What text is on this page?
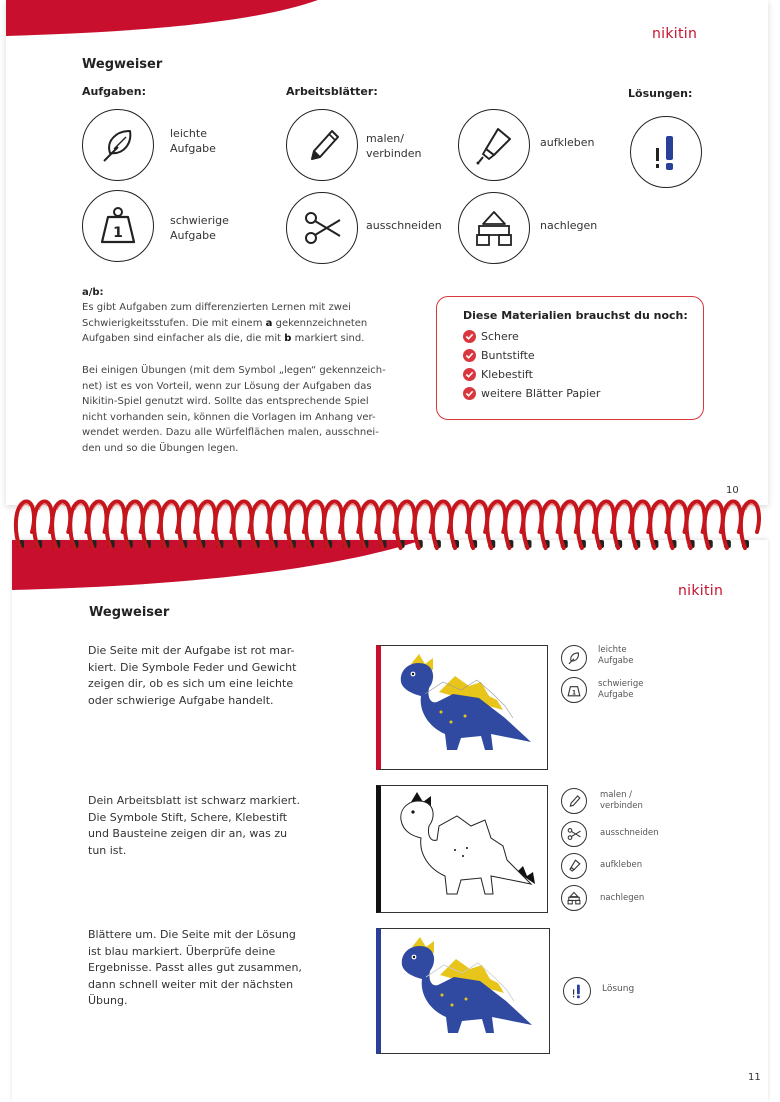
nikitin
Wegweiser
Aufgaben:	Arbeitsblätter:	Lösungen:
leichte
Aufgabe
1
schwierige
Aufgabe
malen/
verbinden
ausschneiden
aufkleben
nachlegen
a/b:
Es gibt Aufgaben zum differenzierten Lernen mit zwei
Schwierigkeitsstufen. Die mit einem a gekennzeichneten
Aufgaben sind einfacher als die, die mit b markiert sind.
Bei einigen Übungen (mit dem Symbol „legen“ gekennzeich-
net) ist es von Vorteil, wenn zur Lösung der Aufgaben das
Nikitin-Spiel genutzt wird. Sollte das entsprechende Spiel
nicht vorhanden sein, können die Vorlagen im Anhang ver-
wendet werden. Dazu alle Würfelflächen malen, ausschnei-
den und so die Übungen legen.
Diese Materialien brauchst du noch:
Schere
Buntstifte
Klebestift
weitere Blätter Papier
10
nikitin
Wegweiser
Die Seite mit der Aufgabe ist rot mar-
kiert. Die Symbole Feder und Gewicht
zeigen dir, ob es sich um eine leichte
oder schwierige Aufgabe handelt.
Dein Arbeitsblatt ist schwarz markiert.
Die Symbole Stift, Schere, Klebestift
und Bausteine zeigen dir an, was zu
tun ist.
Blättere um. Die Seite mit der Lösung
ist blau markiert. Überprüfe deine
Ergebnisse. Passt alles gut zusammen,
dann schnell weiter mit der nächsten
Übung.
leichte
Aufgabe
1
schwierige
Aufgabe
malen /
verbinden
ausschneiden
aufkleben
nachlegen
Lösung
11
